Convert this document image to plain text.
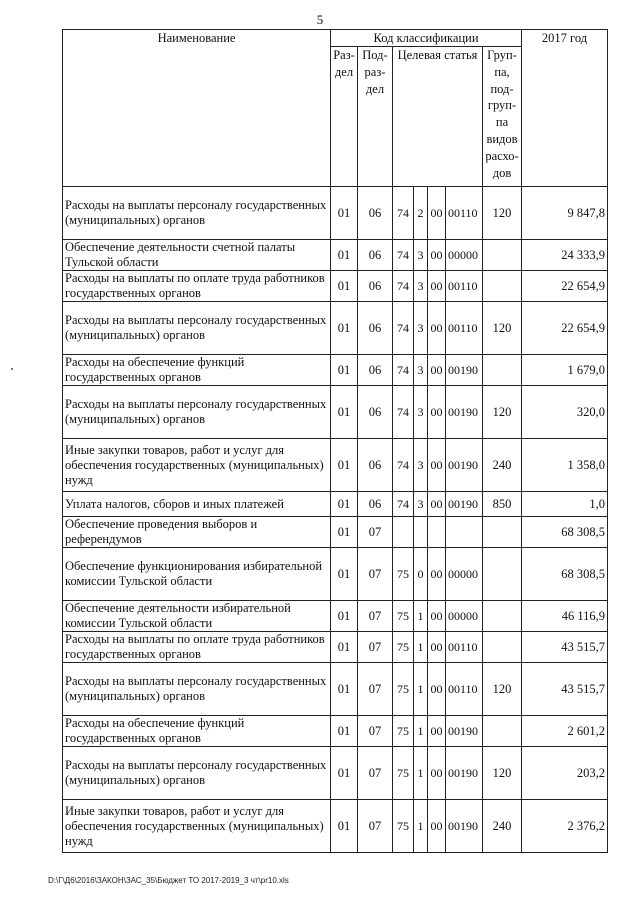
5
Наименование	Код классификации							2017 год
	Раз- дел	Под- раз- дел	Целевая статья				Груп- па, под- груп- па видов расхо- дов	
Расходы на выплаты персоналу государственных (муниципальных) органов	01	06	74	2	00	00110	120	9 847,8
Обеспечение деятельности счетной палаты Тульской области	01	06	74	3	00	00000		24 333,9
Расходы на выплаты по оплате труда работников государственных органов	01	06	74	3	00	00110		22 654,9
Расходы на выплаты персоналу государственных (муниципальных) органов	01	06	74	3	00	00110	120	22 654,9
Расходы на обеспечение функций государственных органов	01	06	74	3	00	00190		1 679,0
Расходы на выплаты персоналу государственных (муниципальных) органов	01	06	74	3	00	00190	120	320,0
Иные закупки товаров, работ и услуг для обеспечения государственных (муниципальных) нужд	01	06	74	3	00	00190	240	1 358,0
Уплата налогов, сборов и иных платежей	01	06	74	3	00	00190	850	1,0
Обеспечение проведения выборов и референдумов	01	07						68 308,5
Обеспечение функционирования избирательной комиссии Тульской области	01	07	75	0	00	00000		68 308,5
Обеспечение деятельности избирательной комиссии Тульской области	01	07	75	1	00	00000		46 116,9
Расходы на выплаты по оплате труда работников государственных органов	01	07	75	1	00	00110		43 515,7
Расходы на выплаты персоналу государственных (муниципальных) органов	01	07	75	1	00	00110	120	43 515,7
Расходы на обеспечение функций государственных органов	01	07	75	1	00	00190		2 601,2
Расходы на выплаты персоналу государственных (муниципальных) органов	01	07	75	1	00	00190	120	203,2
Иные закупки товаров, работ и услуг для обеспечения государственных (муниципальных) нужд	01	07	75	1	00	00190	240	2 376,2
D:\Г\Д6\2016\ЗАКОН\ЗАС_35\Бюджет ТО 2017-2019_3 чт\pr10.xls
